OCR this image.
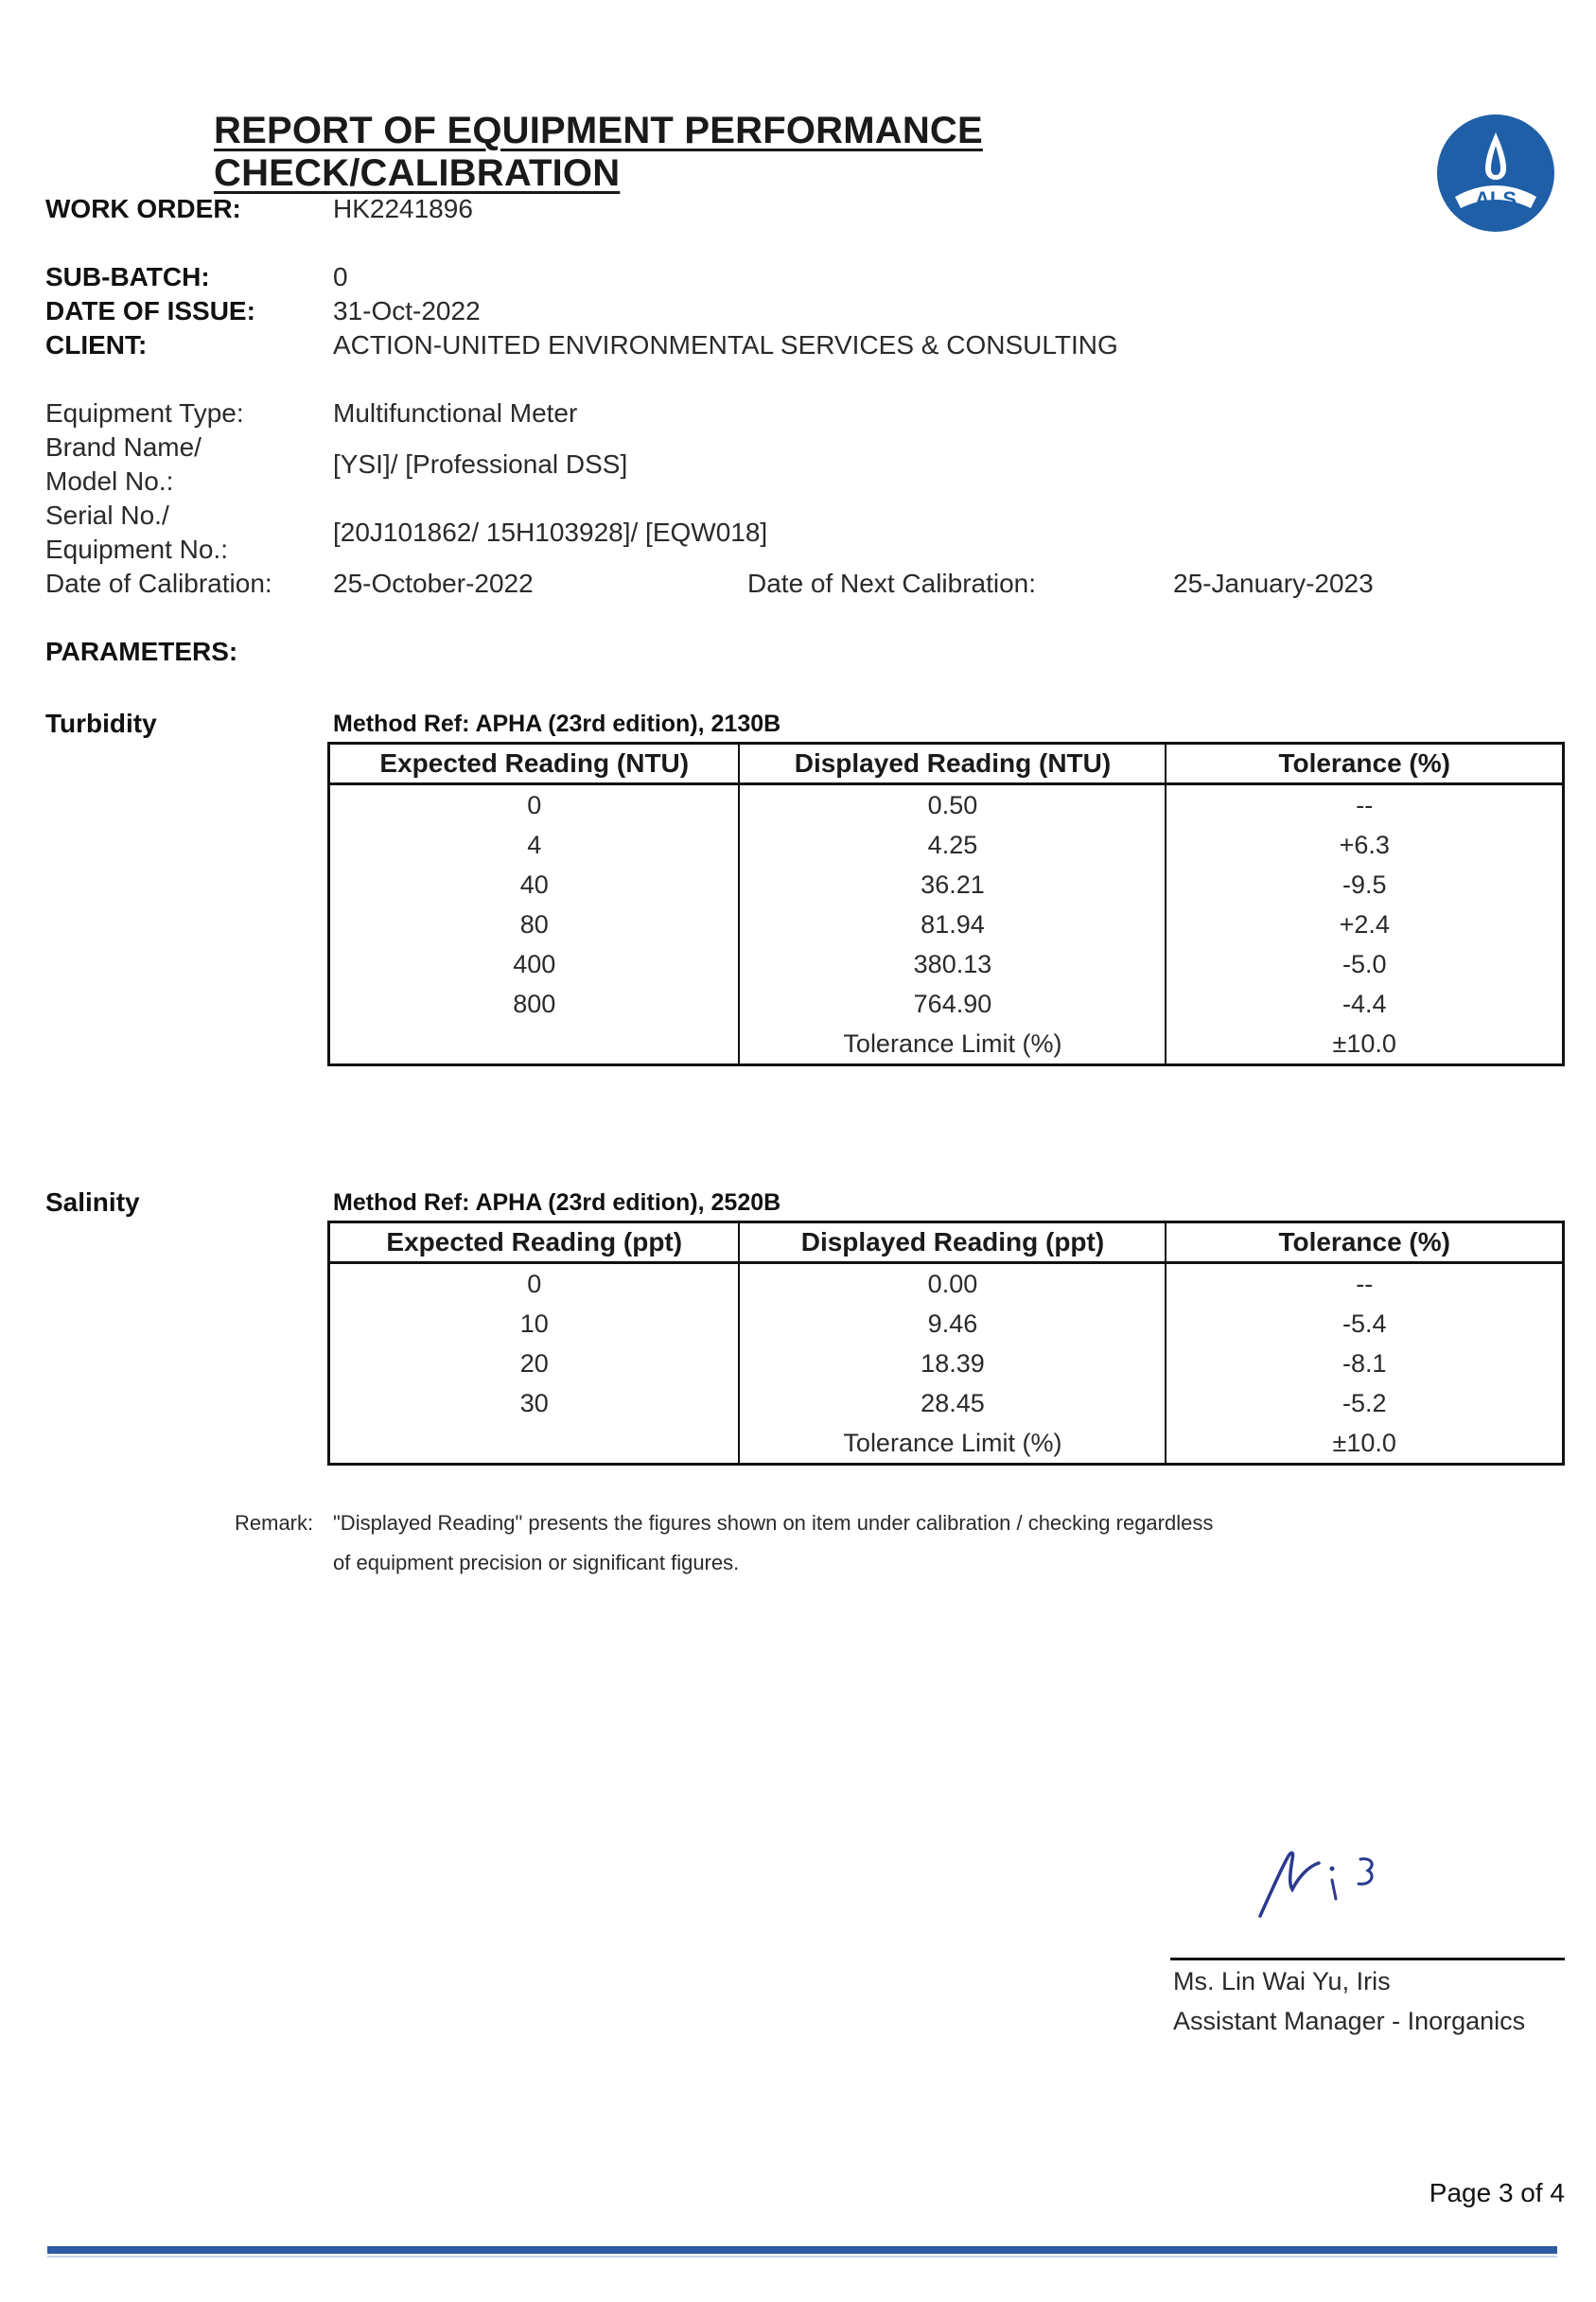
REPORT OF EQUIPMENT PERFORMANCE CHECK/CALIBRATION
ALS
WORK ORDER:	HK2241896
SUB-BATCH:	0
DATE OF ISSUE:	31-Oct-2022
CLIENT:	ACTION-UNITED ENVIRONMENTAL SERVICES & CONSULTING
Equipment Type:	Multifunctional Meter
Brand Name/
Model No.:
[YSI]/ [Professional DSS]
Serial No./
Equipment No.:
[20J101862/ 15H103928]/ [EQW018]
Date of Calibration: 25-October-2022	Date of Next Calibration:	25-January-2023
PARAMETERS:
Turbidity	Method Ref: APHA (23rd edition), 2130B
Expected Reading (NTU)	Displayed Reading (NTU)	Tolerance (%)
0	0.50	--
4	4.25	+6.3
40	36.21	-9.5
80	81.94	+2.4
400	380.13	-5.0
800	764.90	-4.4
	Tolerance Limit (%)	±10.0
Salinity	Method Ref: APHA (23rd edition), 2520B
Expected Reading (ppt)	Displayed Reading (ppt)	Tolerance (%)
0	0.00	--
10	9.46	-5.4
20	18.39	-8.1
30	28.45	-5.2
	Tolerance Limit (%)	±10.0
Remark: "Displayed Reading" presents the figures shown on item under calibration / checking regardless
of equipment precision or significant figures.
Ms. Lin Wai Yu, Iris
Assistant Manager - Inorganics
Page 3 of 4
